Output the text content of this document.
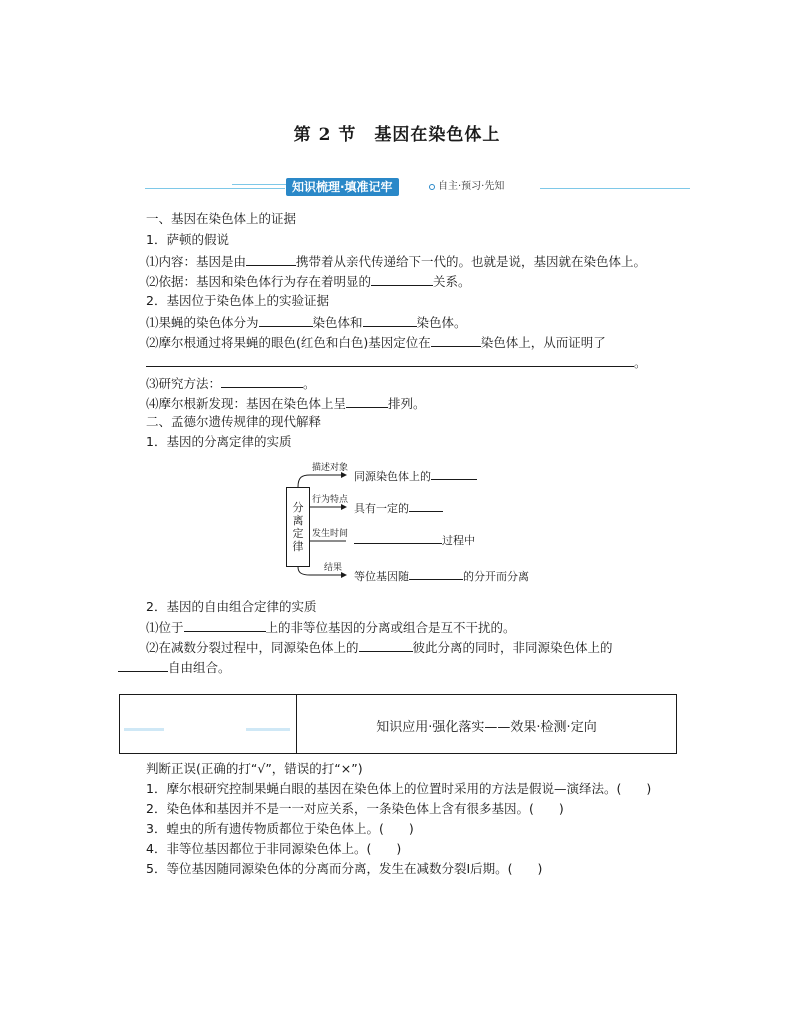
第 2 节 基因在染色体上
知识梳理·填准记牢	自主·预习·先知
一、基因在染色体上的证据
1．萨顿的假说
⑴内容：基因是由	携带着从亲代传递给下一代的。也就是说，基因就在染色体上。
⑵依据：基因和染色体行为存在着明显的	关系。
2．基因位于染色体上的实验证据
⑴果蝇的染色体分为	染色体和	染色体。
⑵摩尔根通过将果蝇的眼色(红色和白色)基因定位在	染色体上，从而证明了
。
⑶研究方法：	。
⑷摩尔根新发现：基因在染色体上呈	排列。
二、孟德尔遗传规律的现代解释
1．基因的分离定律的实质
分
离
定
律
描述对象
行为特点
发生时间
结果
同源染色体上的
具有一定的
过程中
等位基因随	的分开而分离
2．基因的自由组合定律的实质
⑴位于	上的非等位基因的分离或组合是互不干扰的。
⑵在减数分裂过程中，同源染色体上的	彼此分离的同时，非同源染色体上的
自由组合。
知识应用·强化落实——效果·检测·定向
判断正误(正确的打“√”，错误的打“×”)
1．摩尔根研究控制果蝇白眼的基因在染色体上的位置时采用的方法是假说—演绎法。(　　)
2．染色体和基因并不是一一对应关系，一条染色体上含有很多基因。(　　)
3．蝗虫的所有遗传物质都位于染色体上。(　　)
4．非等位基因都位于非同源染色体上。(　　)
5．等位基因随同源染色体的分离而分离，发生在减数分裂Ⅰ后期。(　　)
